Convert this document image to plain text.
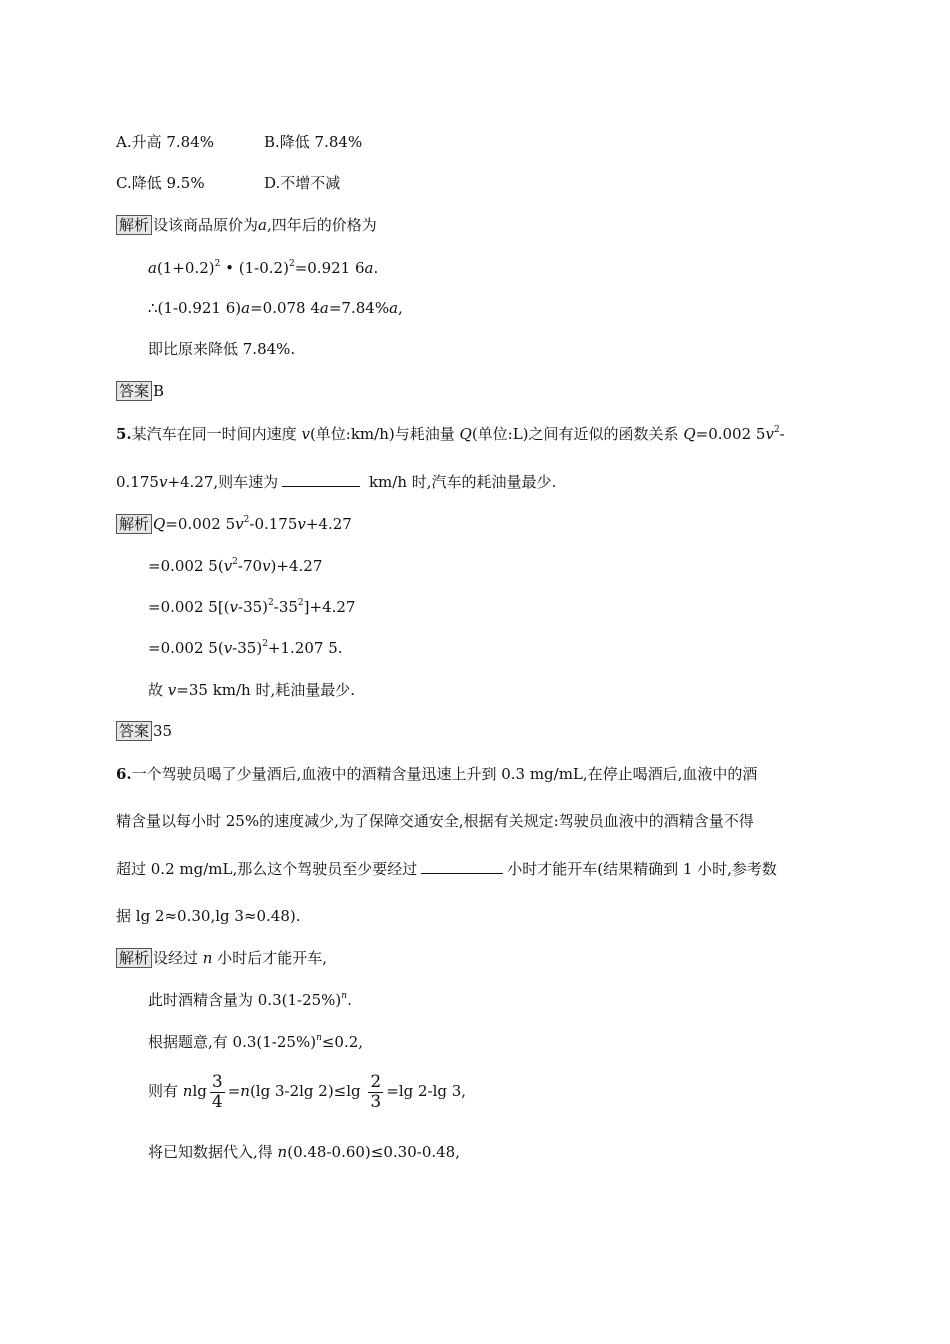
A.升高 7.84%	B.降低 7.84%
C.降低 9.5%	D.不增不减
解析 设该商品原价为a,四年后的价格为
$a(1+0.2)^2$ • $(1-0.2)^2=0.921$ 6a.
∴(1-0.921 6)a=0.078 4a=7.84%a,
即比原来降低 7.84%.
答案 B
5.某汽车在同一时间内速度 v(单位:km/h)与耗油量 Q(单位:L)之间有近似的函数关系 Q=0.002 $5v^2-$
0.175v+4.27,则车速为	km/h 时,汽车的耗油量最少.
解析 Q=0.002 $5v^2-0.175v+4.27$
=0.002 $5(v^2-70v)+4.27$
=0.002 $5[(v-35)^2-35^2]+4.27$
=0.002 $5(v-35)^2+1.207$ 5.
故 v=35 km/h 时,耗油量最少.
答案 35
6.一个驾驶员喝了少量酒后,血液中的酒精含量迅速上升到 0.3 mg/mL,在停止喝酒后,血液中的酒
精含量以每小时 25%的速度减少,为了保障交通安全,根据有关规定:驾驶员血液中的酒精含量不得
超过 0.2 mg/mL,那么这个驾驶员至少要经过	小时才能开车(结果精确到 1 小时,参考数
据 lg 2≈0.30,lg 3≈0.48).
解析 设经过 n 小时后才能开车,
此时酒精含量为 $0.3(1-25\%)^n$.
根据题意,有 $0.3(1-25\%)^n\le 0.2$,
则有 nlg $\frac{3}{4} =n(\lg$ 3-2lg $2)\le\lg \frac{2}{3} =\lg$ 2-lg 3,
将已知数据代入,得 n(0.48-0.60)≤0.30-0.48,
